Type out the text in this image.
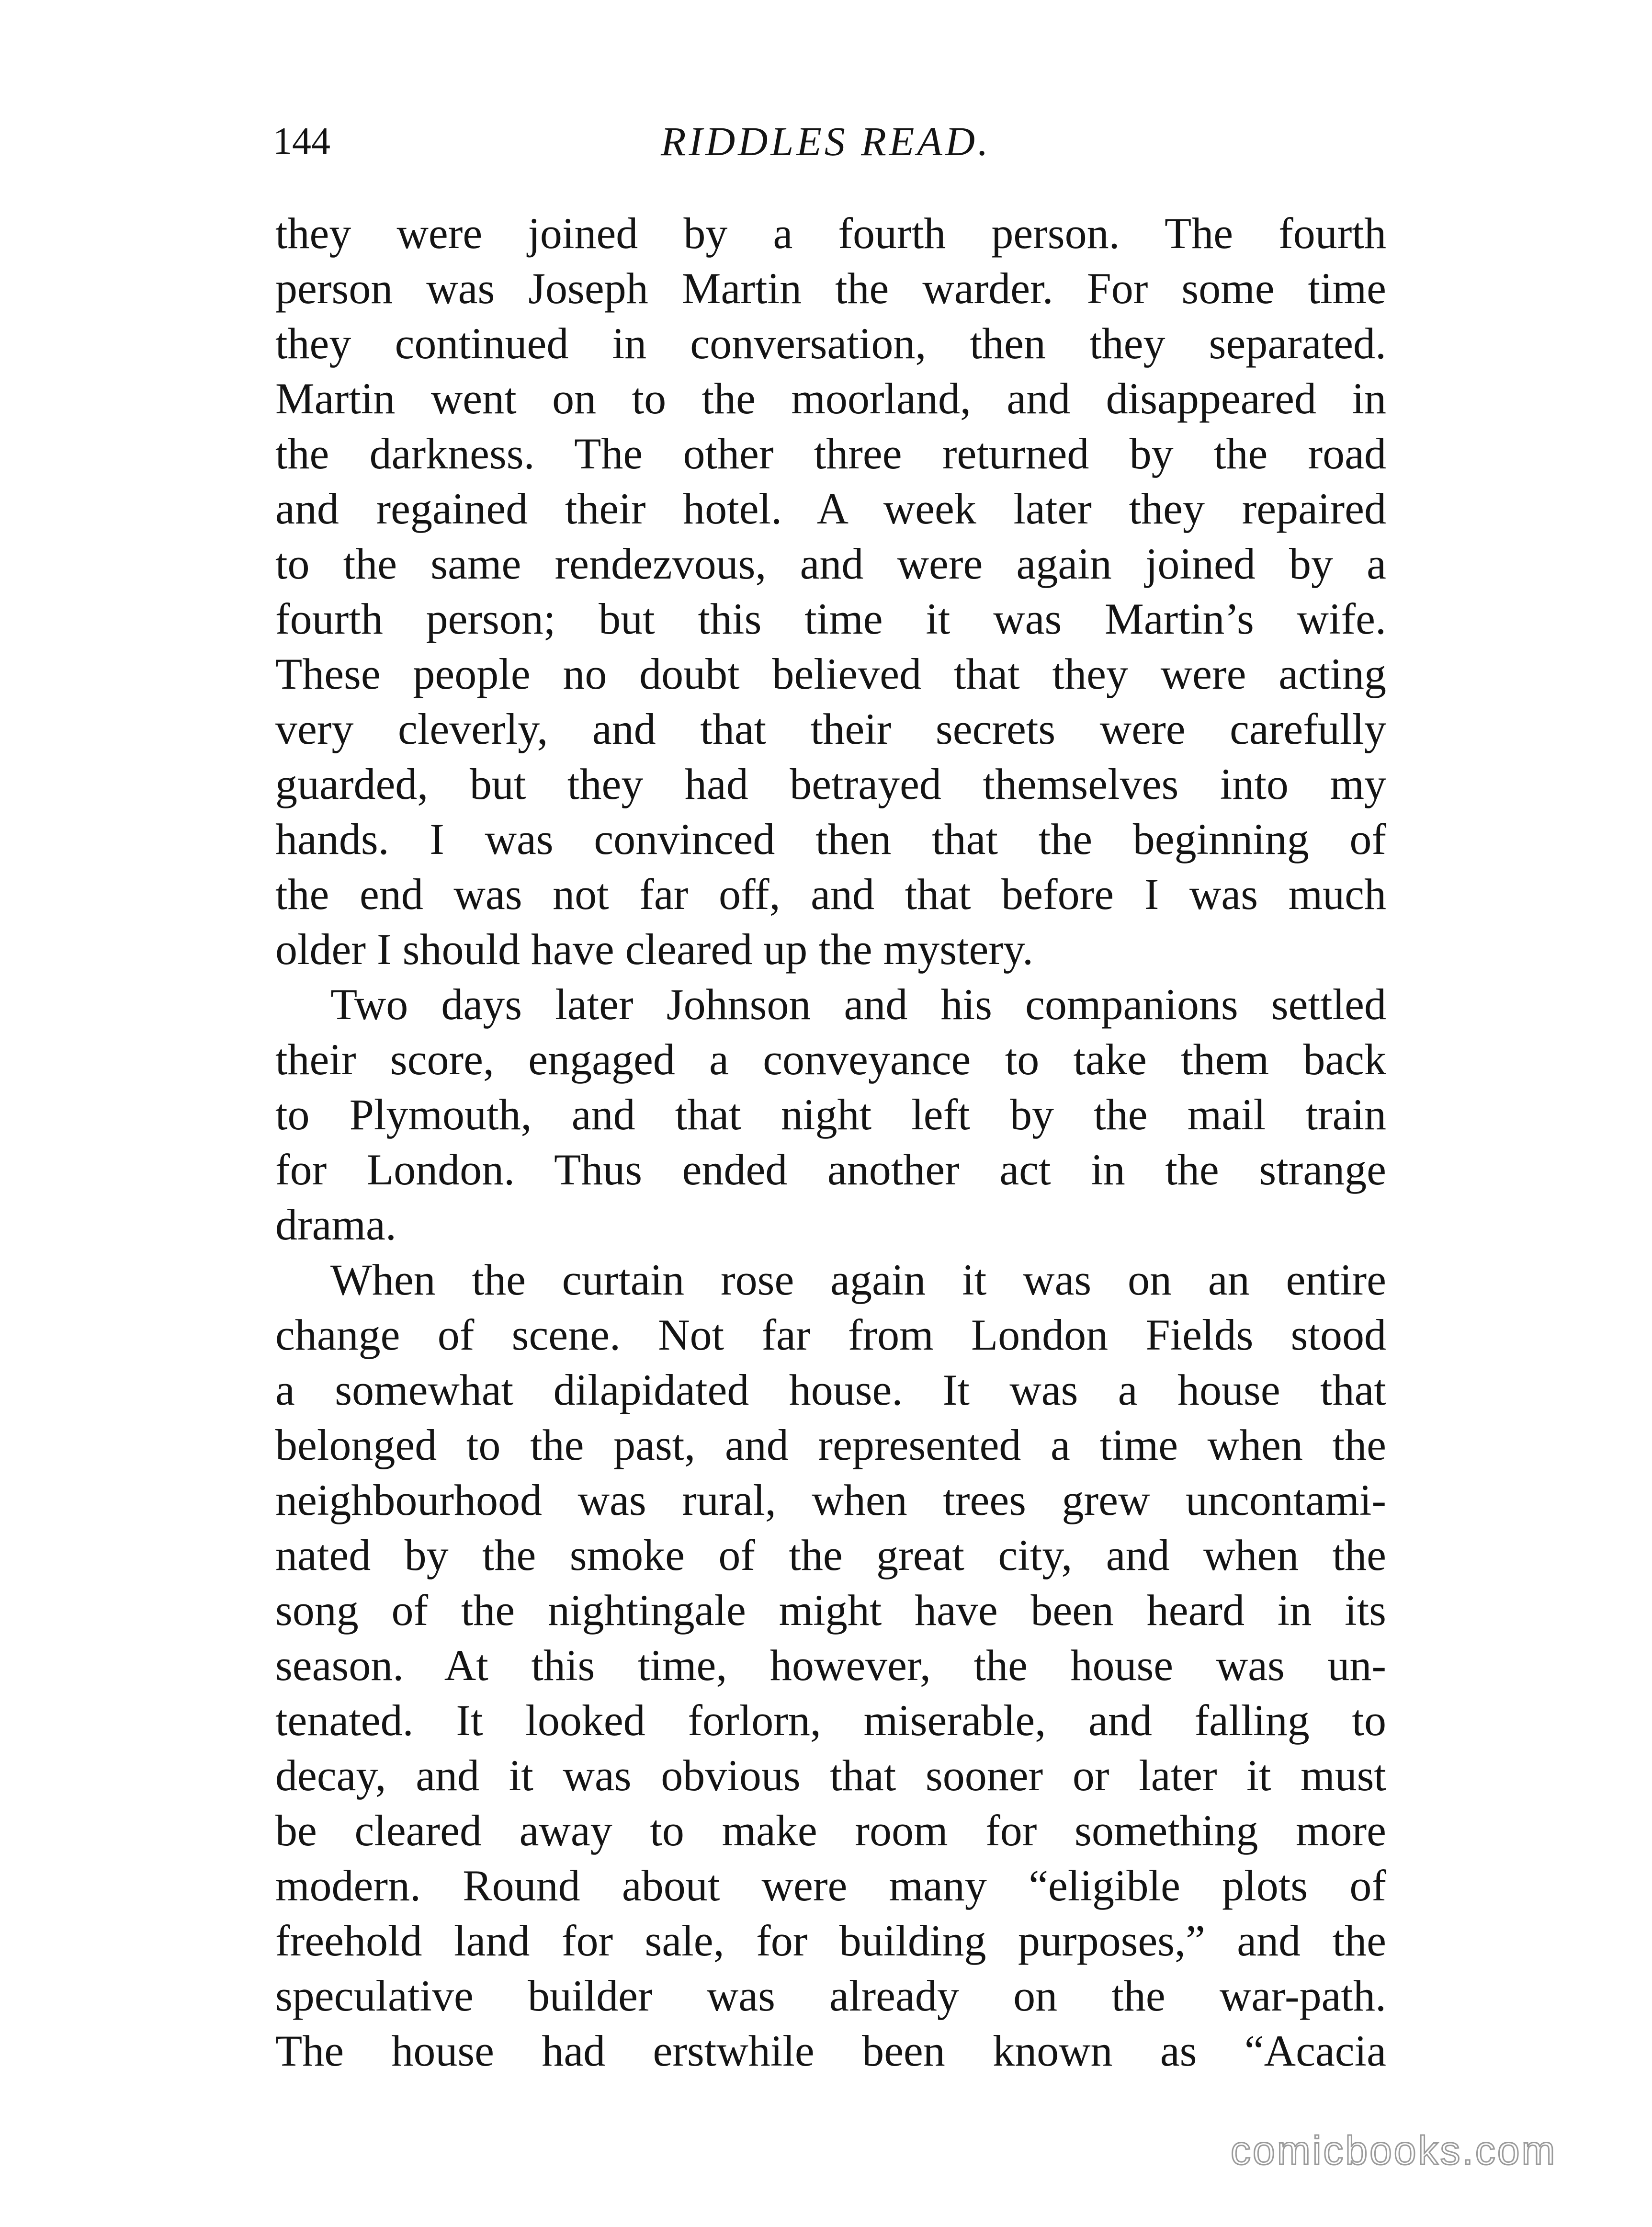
144	RIDDLES READ.
they were joined by a fourth person. The fourth
person was Joseph Martin the warder. For some time
they continued in conversation, then they separated.
Martin went on to the moorland, and disappeared in
the darkness. The other three returned by the road
and regained their hotel. A week later they repaired
to the same rendezvous, and were again joined by a
fourth person; but this time it was Martin’s wife.
These people no doubt believed that they were acting
very cleverly, and that their secrets were carefully
guarded, but they had betrayed themselves into my
hands. I was convinced then that the beginning of
the end was not far off, and that before I was much
older I should have cleared up the mystery.
Two days later Johnson and his companions settled
their score, engaged a conveyance to take them back
to Plymouth, and that night left by the mail train
for London. Thus ended another act in the strange
drama.
When the curtain rose again it was on an entire
change of scene. Not far from London Fields stood
a somewhat dilapidated house. It was a house that
belonged to the past, and represented a time when the
neighbourhood was rural, when trees grew uncontami-
nated by the smoke of the great city, and when the
song of the nightingale might have been heard in its
season. At this time, however, the house was un-
tenated. It looked forlorn, miserable, and falling to
decay, and it was obvious that sooner or later it must
be cleared away to make room for something more
modern. Round about were many “eligible plots of
freehold land for sale, for building purposes,” and the
speculative builder was already on the war-path.
The house had erstwhile been known as “Acacia
comicbooks.com
